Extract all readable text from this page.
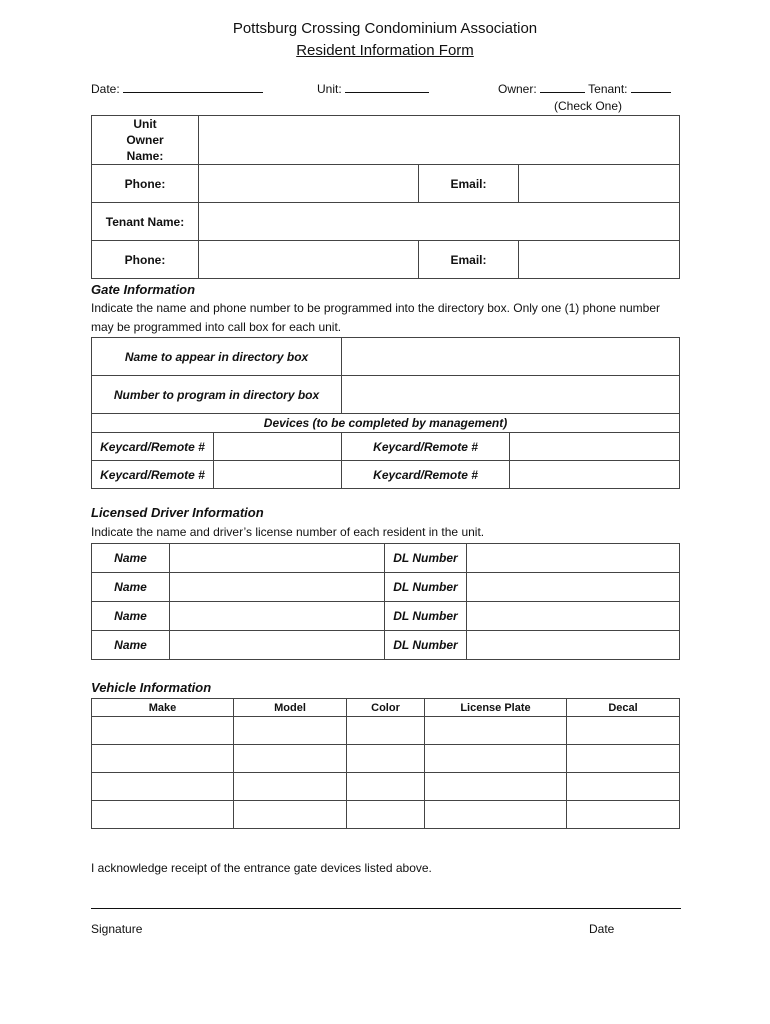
Pottsburg Crossing Condominium Association
Resident Information Form
Date:	Unit:	Owner:	Tenant:
(Check One)
Unit Owner Name:			

Phone:		Email:	
Tenant Name:			
Phone:		Email:	
Gate Information
Indicate the name and phone number to be programmed into the directory box. Only one (1) phone number may be programmed into call box for each unit.
Name to appear in directory box			
Number to program in directory box			
Devices (to be completed by management)			
Keycard/Remote #		Keycard/Remote #	
Keycard/Remote #		Keycard/Remote #	
Licensed Driver Information
Indicate the name and driver’s license number of each resident in the unit.
Name		DL Number	
Name		DL Number	
Name		DL Number	
Name		DL Number	
Vehicle Information
Make	Model	Color	License Plate	Decal

I acknowledge receipt of the entrance gate devices listed above.
Signature	Date
